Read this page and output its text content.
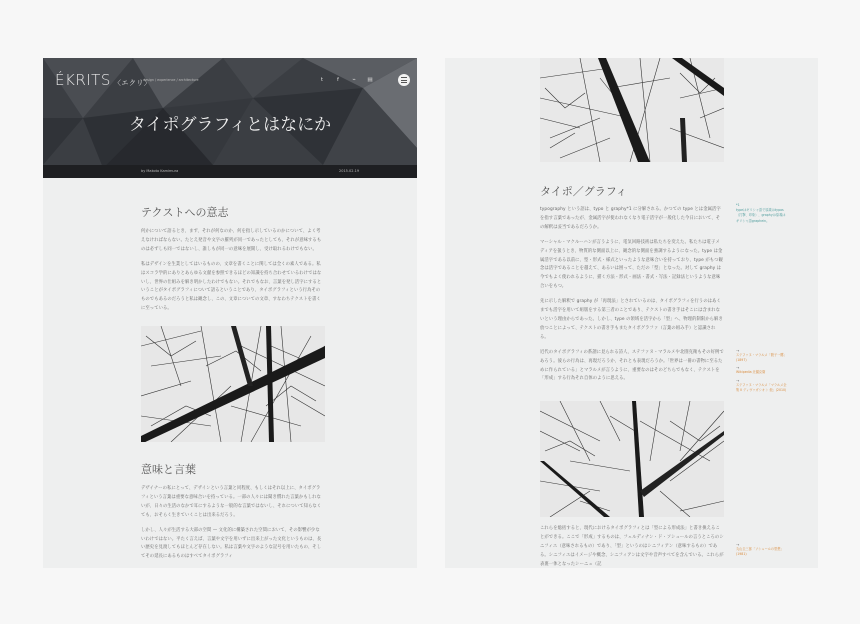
ÉKRITS 〈エクリ〉
design / experience / architecture	t	f	⌁ ▤
タイポグラフィとはなにか
by Makoto Kamimura	2015.02.19
テクストへの意志

何かについて語るとき、まず、それが何なのか、何を指し示しているのかについて、よく考えなければならない。たとえ発音や文字の羅列が同一であったとしても、それが意味するものは必ずしも同一ではないし、誰しもが同一の意味を展開し、受け取れるわけでもない。

私はデザインを生業としてはいるものの、文章を書くことに関しては全くの素人である。私はスコラ学的にありとあらゆる文献を参照できるほどの知識を持ち合わせているわけではないし、世界の仕組みを解き明かしたわけでもない。それでもなお、言葉を発し活字にするということがタイポグラフィについて語るということであり、タイポグラフィという行為そのものでもあるのだろうと私は観念し、この、文章についての文章、すなわちテクストを書くに至っている。

意味と言葉

デザイナーの私にとって、デザインという言葉と同程度、もしくはそれ以上に、タイポグラフィという言葉は重要な意味合いを持っている。一部の人々には聞き慣れた言葉かもしれないが、日々の生活のなかで耳にするような一般的な言葉ではないし、それについて知らなくても、おそらく生きていくことは出来るだろう。

しかし、人々が生活する大部の空間 — 文化的に構築された空間において、その影響が少ないわけではない。平たく言えば、言葉や文字を用いずに出来上がった文化というものは、長い歴史を見渡してもほとんど存在しない。私は言葉や文字のような記号を用いたもの、そしてその延長にあるものはすべてタイポグラフィ

タイポ／グラフィ

typography という語は、typo と graphy*1 に分解される。かつての type とは金属活字を指す言葉であったが、金属活字が使われなくなり電子活字が一般化した今日において、その解釈は妥当であるだろうか。

マーシャル・マクルーハンが言うように、電気回路技術は私たちを変えた。私たちは電子メディアを扱うとき、物質的な側面以上に、観念的な側面を強調するようになった。type は金属活字である以前に、型・形式・様式といったような意味合いを持っており、type がもつ観念は活字であることを越えて、あるいは囲って、ただの「型」となった。対して graphy は今でもよく使われるように、描く方法・形式・画法・書式・写法・記録法というような意味合いをもつ。

先に示した解釈で graphy が「再現法」とされているのは、タイポグラフィを行うのはあくまでも活字を用いて組版をする第三者のことであり、テクストの書き手はそこには含まれないという理由からであった。しかし、type の領域を活字から「型」へ、物理的制限から解き放つことによって、テクストの書き手もまたタイポグラファ（言葉の組み手）と認識される。

近代のタイポグラフィの系譜に見られる詩人、ステファヌ・マラルメや北園克衛もその好例であろう。彼らの行為は、再現だろうか、それとも表現だろうか。「世界は一冊の書物に至るために作られている」とマラルメが言うように、重要なのはそのどちらでもなく、テクストを「形成」する行為それ自体のように思える。

これらを総括すると、現代におけるタイポグラフィとは「型による形成法」と書き換えることができる。ここで「形成」するものは、フェルディナン・ド・ソシュールの言うところのシニフィエ（意味されるもの）であり、「型」というのはシニフィアン（意味するもの）である。シニフィエはイメージや概念、シニフィアンは文字や音声すべてを含んでいる。これらが表裏一体となったシーニュ（記

*1
typeはギリシャ語で原義はtypos（打撃、印象）、graphyは原義はギリシャ語graphein。
→
ステファヌ・マラルメ「骰子一擲」(1897)
→
Wikipedia 北園克衛
→
ステファヌ・マラルメ「マラルメ全集 II ディヴァガシオン 他」(2010)
→
丸山圭三郎「ソシュールの思想」(1981)
